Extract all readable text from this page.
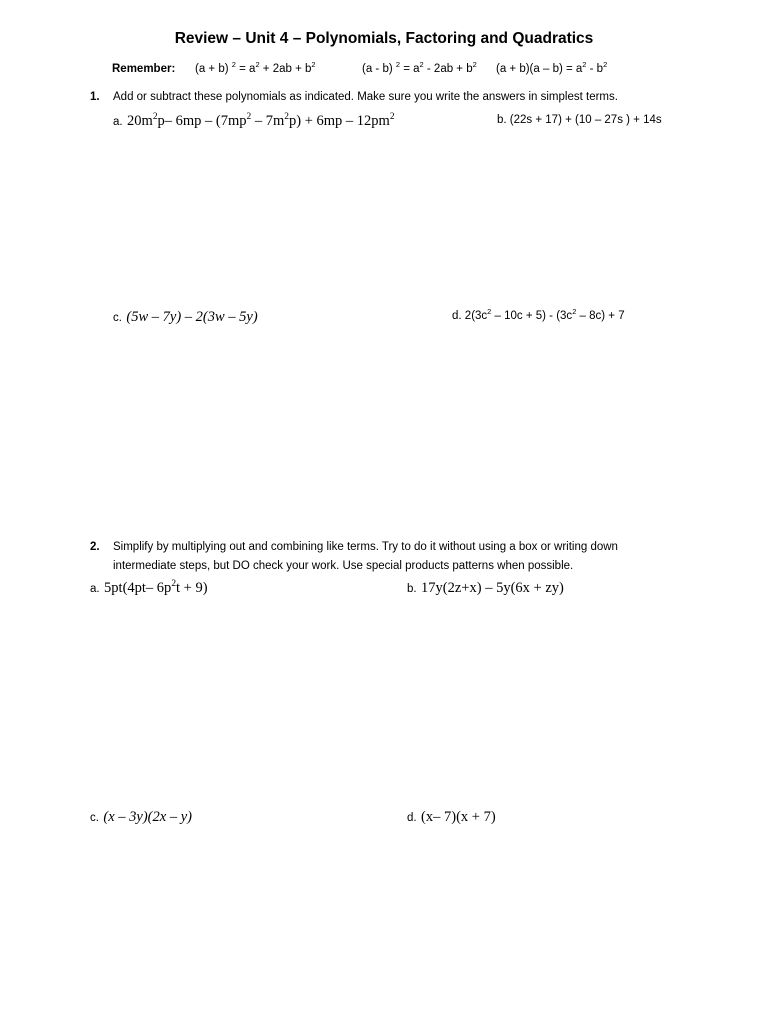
Review – Unit 4 – Polynomials, Factoring and Quadratics
Remember: (a + b) $^2 = a^2 + 2ab + b^2$	(a - b) $^2 = a^2 - 2ab + b^2$ $(a + b)(a - b) = a^2 - b^2$
1. Add or subtract these polynomials as indicated. Make sure you write the answers in simplest terms.
a. $20m^2p-$ $6mp - (7mp^2 - 7m^2p) + 6mp - 12pm^2$	b. (22s + 17) + (10 – 27s ) + 14s
c. (5w – 7y) – 2(3w – 5y)	d. $2(3c^2 - 10c + 5) - (3c^2 - 8c) + 7$
2. Simplify by multiplying out and combining like terms. Try to do it without using a box or writing down
intermediate steps, but DO check your work. Use special products patterns when possible.
a. 5pt(4pt– $6p^2t + 9$)	b. 17y(2z+x) – 5y(6x + zy)
c. (x – 3y)(2x – y)	d. (x– 7)(x + 7)
